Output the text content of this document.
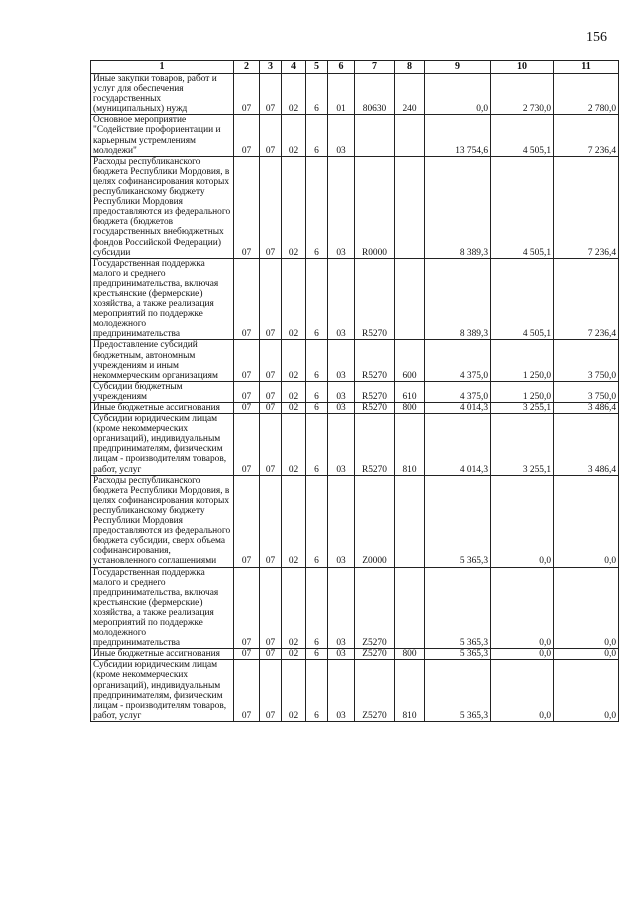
156
1	2	3	4	5	6	7	8	9	10	11
Иные закупки товаров, работ и услуг для обеспечения государственных (муниципальных) нужд	07	07	02	6	01	80630	240	0,0	2 730,0	2 780,0
Основное мероприятие "Содействие профориентации и карьерным устремлениям молодежи"	07	07	02	6	03			13 754,6	4 505,1	7 236,4
Расходы республиканского бюджета Республики Мордовия, в целях софинансирования которых республиканскому бюджету Республики Мордовия предоставляются из федерального бюджета (бюджетов государственных внебюджетных фондов Российской Федерации) субсидии	07	07	02	6	03	R0000		8 389,3	4 505,1	7 236,4
Государственная поддержка малого и среднего предпринимательства, включая крестьянские (фермерские) хозяйства, а также реализация мероприятий по поддержке молодежного предпринимательства	07	07	02	6	03	R5270		8 389,3	4 505,1	7 236,4
Предоставление субсидий бюджетным, автономным учреждениям и иным некоммерческим организациям	07	07	02	6	03	R5270	600	4 375,0	1 250,0	3 750,0
Субсидии бюджетным учреждениям	07	07	02	6	03	R5270	610	4 375,0	1 250,0	3 750,0
Иные бюджетные ассигнования	07	07	02	6	03	R5270	800	4 014,3	3 255,1	3 486,4
Субсидии юридическим лицам (кроме некоммерческих организаций), индивидуальным предпринимателям, физическим лицам - производителям товаров, работ, услуг	07	07	02	6	03	R5270	810	4 014,3	3 255,1	3 486,4
Расходы республиканского бюджета Республики Мордовия, в целях софинансирования которых республиканскому бюджету Республики Мордовия предоставляются из федерального бюджета субсидии, сверх объема софинансирования, установленного соглашениями	07	07	02	6	03	Z0000		5 365,3	0,0	0,0
Государственная поддержка малого и среднего предпринимательства, включая крестьянские (фермерские) хозяйства, а также реализация мероприятий по поддержке молодежного предпринимательства	07	07	02	6	03	Z5270		5 365,3	0,0	0,0
Иные бюджетные ассигнования	07	07	02	6	03	Z5270	800	5 365,3	0,0	0,0
Субсидии юридическим лицам (кроме некоммерческих организаций), индивидуальным предпринимателям, физическим лицам - производителям товаров, работ, услуг	07	07	02	6	03	Z5270	810	5 365,3	0,0	0,0
